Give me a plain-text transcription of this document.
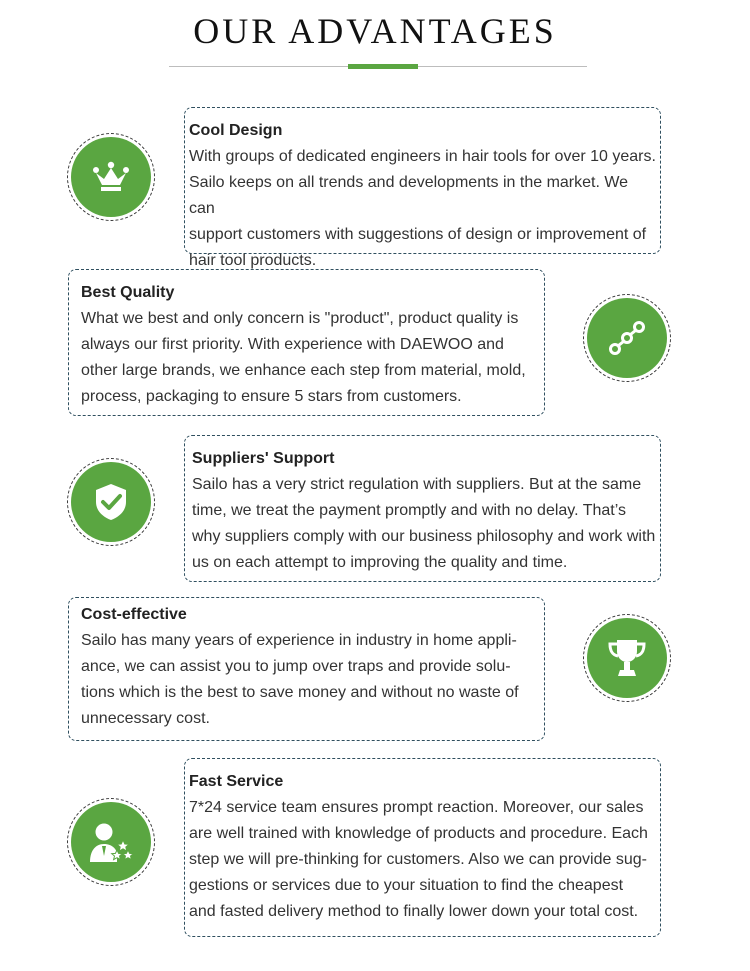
OUR ADVANTAGES

Cool Design

With groups of dedicated engineers in hair tools for over 10 years.
Sailo keeps on all trends and developments in the market. We can
support customers with suggestions of design or improvement of
hair tool products.

Best Quality

What we best and only concern is "product", product quality is
always our first priority. With experience with DAEWOO and
other large brands, we enhance each step from material, mold,
process, packaging to ensure 5 stars from customers.

Suppliers' Support

Sailo has a very strict regulation with suppliers. But at the same
time, we treat the payment promptly and with no delay. That’s
why suppliers comply with our business philosophy and work with
us on each attempt to improving the quality and time.

Cost-effective

Sailo has many years of experience in industry in home appli-
ance, we can assist you to jump over traps and provide solu-
tions which is the best to save money and without no waste of
unnecessary cost.

Fast Service

7*24 service team ensures prompt reaction. Moreover, our sales
are well trained with knowledge of products and procedure. Each
step we will pre-thinking for customers. Also we can provide sug-
gestions or services due to your situation to find the cheapest
and fasted delivery method to finally lower down your total cost.
